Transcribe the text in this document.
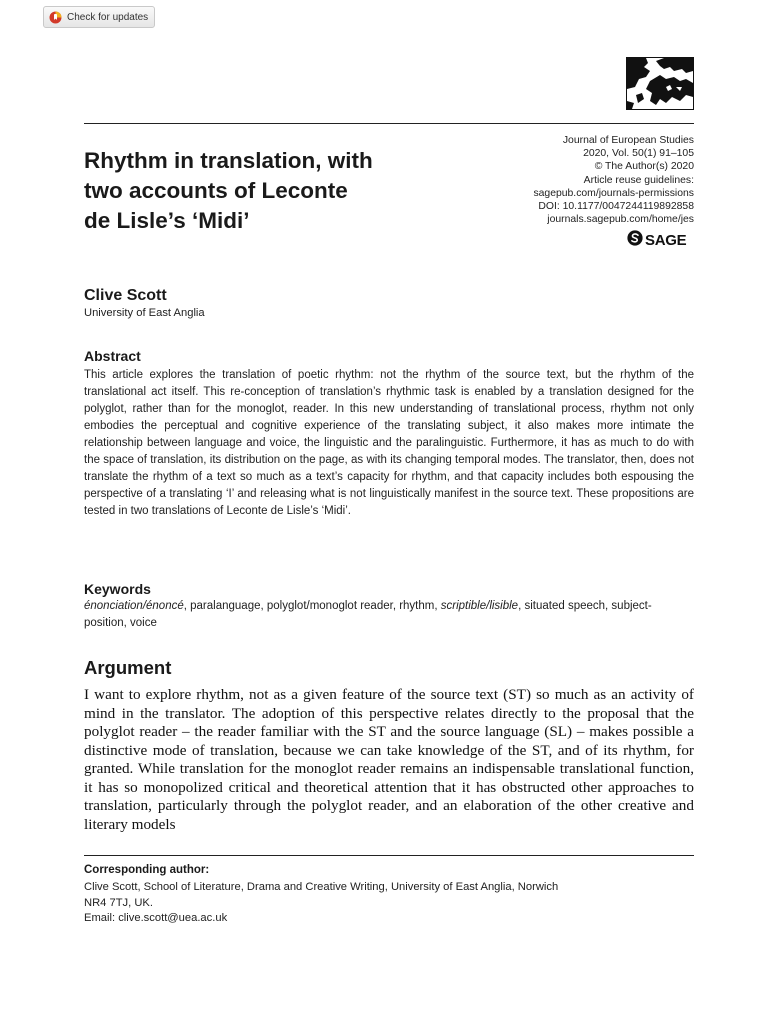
Check for updates
Rhythm in translation, with
two accounts of Leconte
de Lisle’s ‘Midi’
Journal of European Studies
2020, Vol. 50(1) 91–105
© The Author(s) 2020
Article reuse guidelines:
sagepub.com/journals-permissions
DOI: 10.1177/0047244119892858
journals.sagepub.com/home/jes
SAGE
Clive Scott
University of East Anglia
Abstract

This article explores the translation of poetic rhythm: not the rhythm of the source text, but the rhythm of the translational act itself. This re-conception of translation’s rhythmic task is enabled by a translation designed for the polyglot, rather than for the monoglot, reader. In this new understanding of translational process, rhythm not only embodies the perceptual and cognitive experience of the translating subject, it also makes more intimate the relationship between language and voice, the linguistic and the paralinguistic. Furthermore, it has as much to do with the space of translation, its distribution on the page, as with its changing temporal modes. The translator, then, does not translate the rhythm of a text so much as a text’s capacity for rhythm, and that capacity includes both espousing the perspective of a translating ‘I’ and releasing what is not linguistically manifest in the source text. These propositions are tested in two translations of Leconte de Lisle’s ‘Midi’.

Keywords

énonciation/énoncé, paralanguage, polyglot/monoglot reader, rhythm, scriptible/lisible, situated speech, subject-position, voice

Argument

I want to explore rhythm, not as a given feature of the source text (ST) so much as an activity of mind in the translator. The adoption of this perspective relates directly to the proposal that the polyglot reader – the reader familiar with the ST and the source language (SL) – makes possible a distinctive mode of translation, because we can take knowledge of the ST, and of its rhythm, for granted. While translation for the monoglot reader remains an indispensable translational function, it has so monopolized critical and theoretical attention that it has obstructed other approaches to translation, particularly through the polyglot reader, and an elaboration of the other creative and literary models

Corresponding author:
Clive Scott, School of Literature, Drama and Creative Writing, University of East Anglia, Norwich
NR4 7TJ, UK.
Email: clive.scott@uea.ac.uk
